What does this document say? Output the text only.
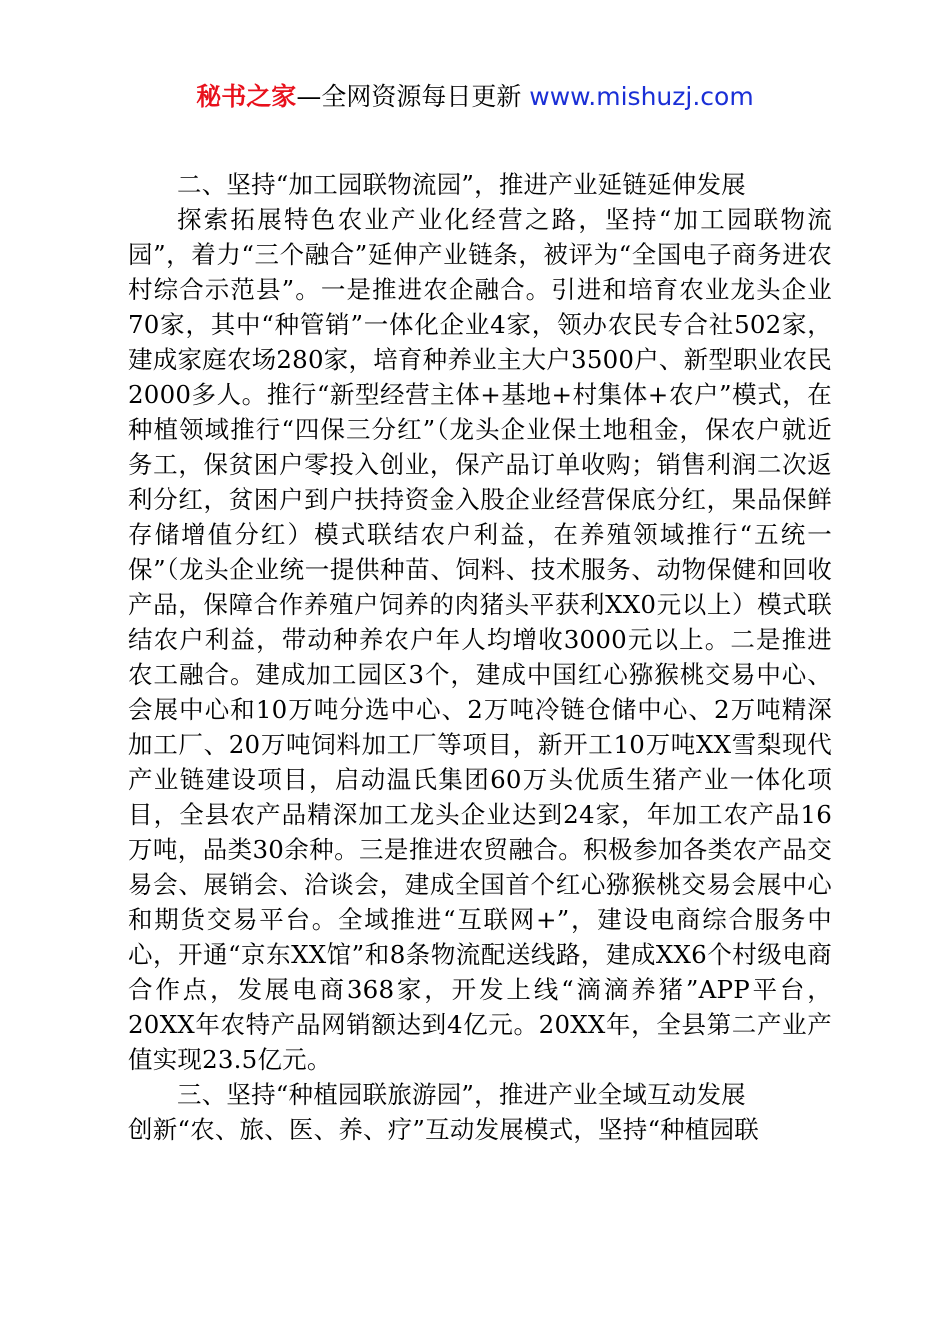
秘书之家—全网资源每日更新 www.mishuzj.com

二、坚持“加工园联物流园”，推进产业延链延伸发展

探索拓展特色农业产业化经营之路，坚持“加工园联物流园”，着力“三个融合”延伸产业链条，被评为“全国电子商务进农村综合示范县”。一是推进农企融合。引进和培育农业龙头企业70家，其中“种管销”一体化企业4家，领办农民专合社502家，建成家庭农场280家，培育种养业主大户3500户、新型职业农民2000多人。推行“新型经营主体+基地+村集体+农户”模式，在种植领域推行“四保三分红”（龙头企业保土地租金，保农户就近务工，保贫困户零投入创业，保产品订单收购；销售利润二次返利分红，贫困户到户扶持资金入股企业经营保底分红，果品保鲜存储增值分红）模式联结农户利益，在养殖领域推行“五统一保”（龙头企业统一提供种苗、饲料、技术服务、动物保健和回收产品，保障合作养殖户饲养的肉猪头平获利XX0元以上）模式联结农户利益，带动种养农户年人均增收3000元以上。二是推进农工融合。建成加工园区3个，建成中国红心猕猴桃交易中心、会展中心和10万吨分选中心、2万吨冷链仓储中心、2万吨精深加工厂、20万吨饲料加工厂等项目，新开工10万吨XX雪梨现代产业链建设项目，启动温氏集团60万头优质生猪产业一体化项目，全县农产品精深加工龙头企业达到24家，年加工农产品16万吨，品类30余种。三是推进农贸融合。积极参加各类农产品交易会、展销会、洽谈会，建成全国首个红心猕猴桃交易会展中心和期货交易平台。全域推进“互联网+”，建设电商综合服务中心，开通“京东XX馆”和8条物流配送线路，建成XX6个村级电商合作点，发展电商368家，开发上线“滴滴养猪”APP平台，20XX年农特产品网销额达到4亿元。20XX年，全县第二产业产值实现23.5亿元。

三、坚持“种植园联旅游园”，推进产业全域互动发展

创新“农、旅、医、养、疗”互动发展模式，坚持“种植园联
